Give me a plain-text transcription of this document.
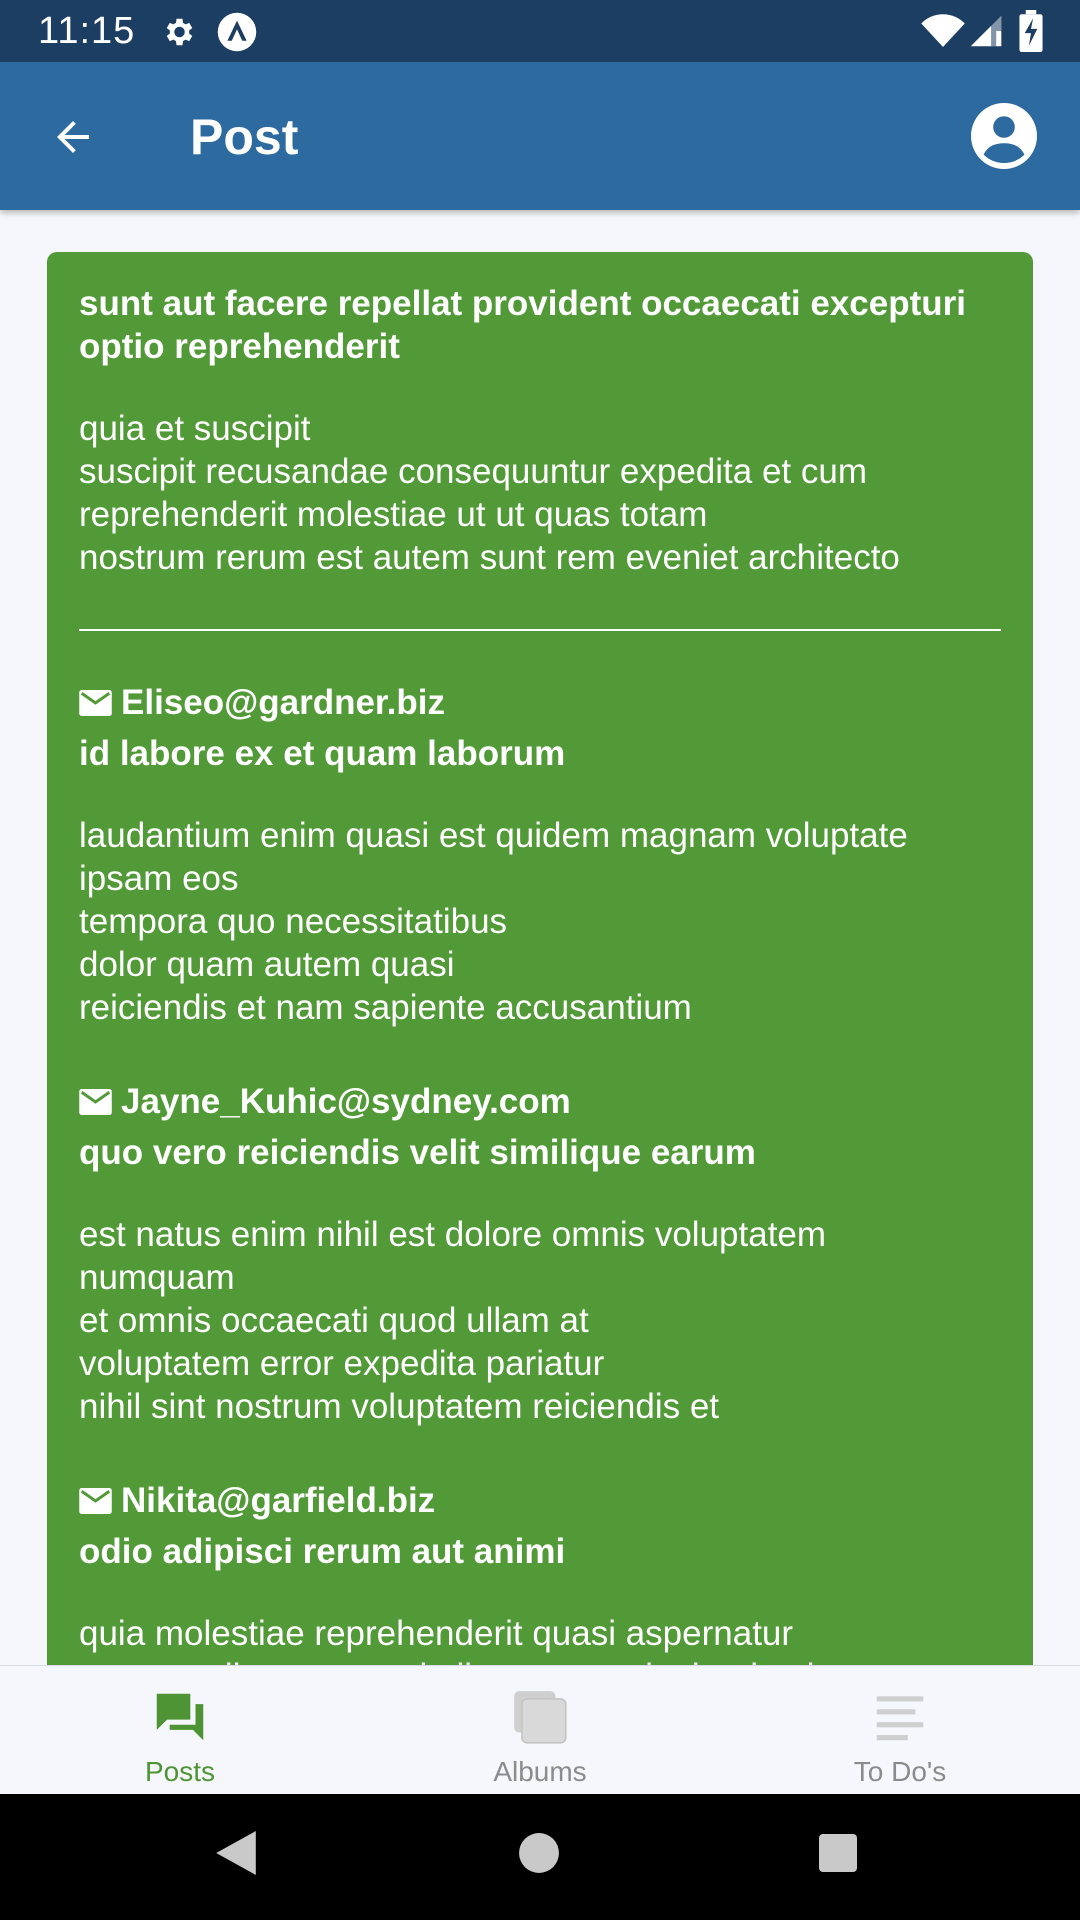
11:15
Post
sunt aut facere repellat provident occaecati excepturi optio reprehenderit
quia et suscipit
suscipit recusandae consequuntur expedita et cum
reprehenderit molestiae ut ut quas totam
nostrum rerum est autem sunt rem eveniet architecto
Eliseo@gardner.biz
id labore ex et quam laborum
laudantium enim quasi est quidem magnam voluptate
ipsam eos
tempora quo necessitatibus
dolor quam autem quasi
reiciendis et nam sapiente accusantium
Jayne_Kuhic@sydney.com
quo vero reiciendis velit similique earum
est natus enim nihil est dolore omnis voluptatem
numquam
et omnis occaecati quod ullam at
voluptatem error expedita pariatur
nihil sint nostrum voluptatem reiciendis et
Nikita@garfield.biz
odio adipisci rerum aut animi
quia molestiae reprehenderit quasi aspernatur
Posts	Albums	To Do's
